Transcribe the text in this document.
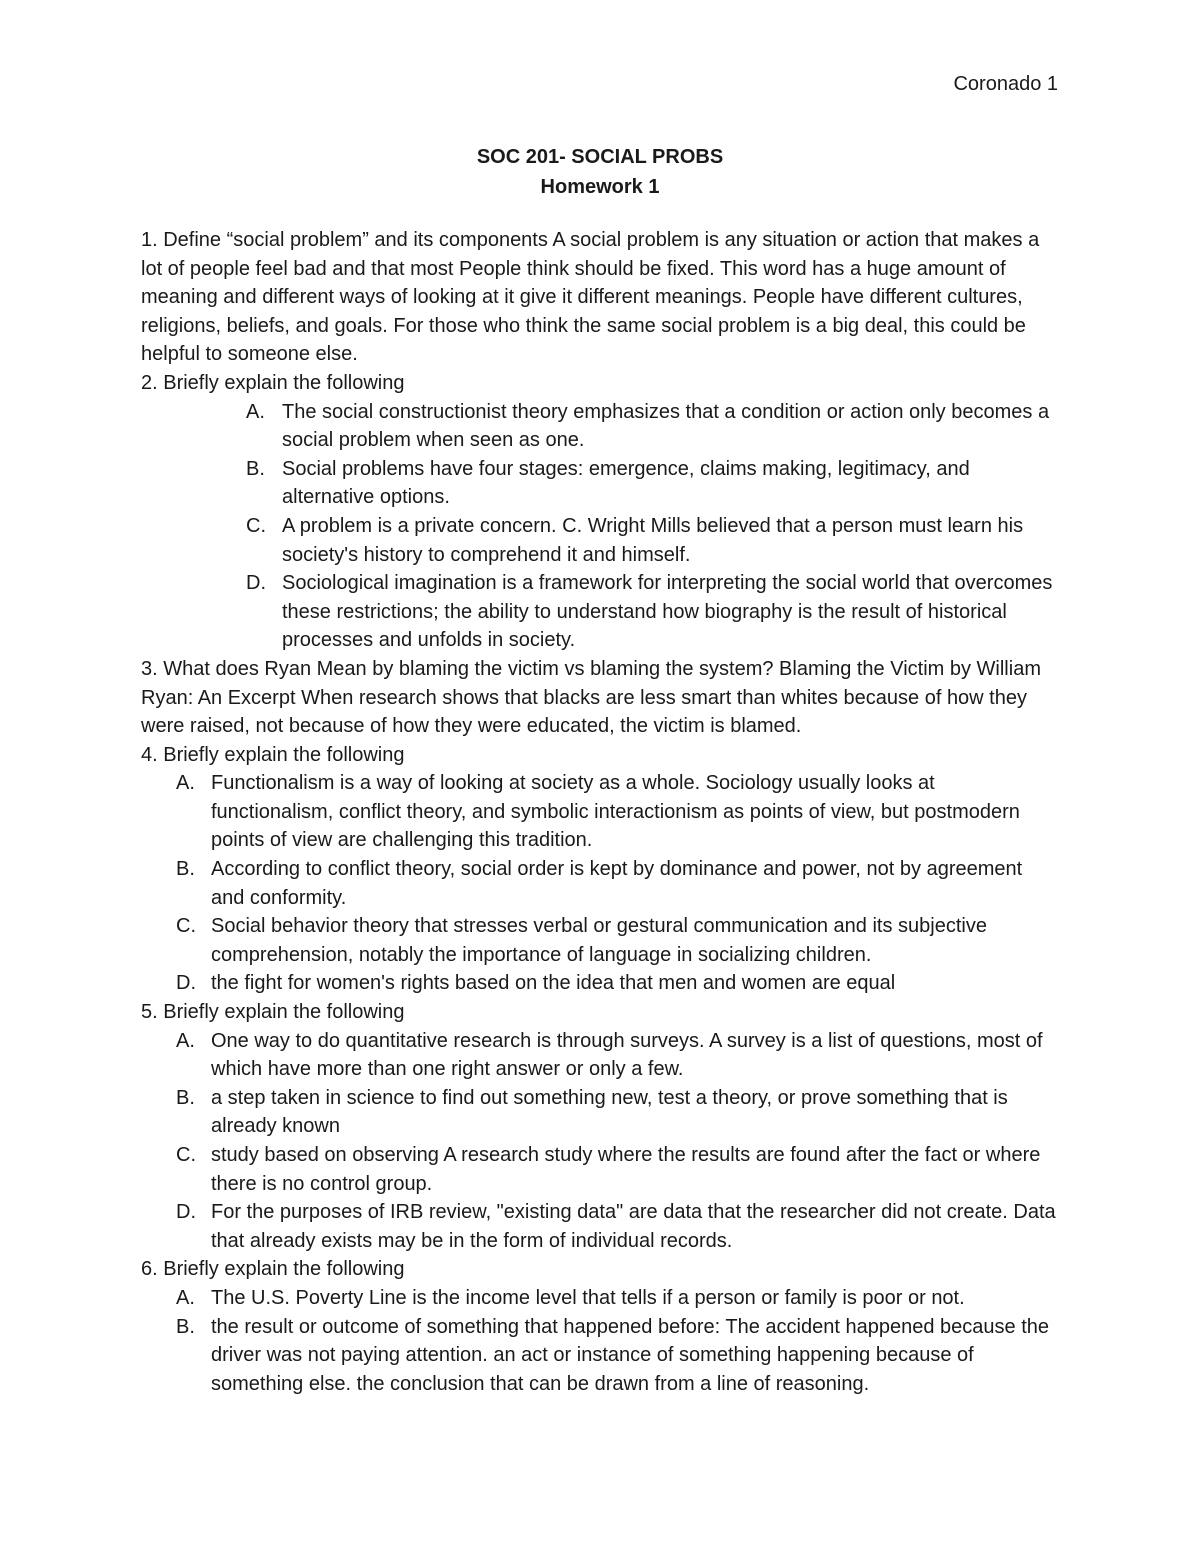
Coronado 1
SOC 201- SOCIAL PROBS
Homework 1

1. Define “social problem” and its components A social problem is any situation or action that makes a lot of people feel bad and that most People think should be fixed. This word has a huge amount of meaning and different ways of looking at it give it different meanings. People have different cultures, religions, beliefs, and goals. For those who think the same social problem is a big deal, this could be helpful to someone else.

2. Briefly explain the following

A. The social constructionist theory emphasizes that a condition or action only becomes a social problem when seen as one.
B. Social problems have four stages: emergence, claims making, legitimacy, and alternative options.
C. A problem is a private concern. C. Wright Mills believed that a person must learn his society's history to comprehend it and himself.
D. Sociological imagination is a framework for interpreting the social world that overcomes these restrictions; the ability to understand how biography is the result of historical processes and unfolds in society.

3. What does Ryan Mean by blaming the victim vs blaming the system? Blaming the Victim by William Ryan: An Excerpt When research shows that blacks are less smart than whites because of how they were raised, not because of how they were educated, the victim is blamed.

4. Briefly explain the following

A. Functionalism is a way of looking at society as a whole. Sociology usually looks at functionalism, conflict theory, and symbolic interactionism as points of view, but postmodern points of view are challenging this tradition.
B. According to conflict theory, social order is kept by dominance and power, not by agreement and conformity.
C. Social behavior theory that stresses verbal or gestural communication and its subjective comprehension, notably the importance of language in socializing children.
D. the fight for women's rights based on the idea that men and women are equal

5. Briefly explain the following

A. One way to do quantitative research is through surveys. A survey is a list of questions, most of which have more than one right answer or only a few.
B. a step taken in science to find out something new, test a theory, or prove something that is already known
C. study based on observing A research study where the results are found after the fact or where there is no control group.
D. For the purposes of IRB review, "existing data" are data that the researcher did not create. Data that already exists may be in the form of individual records.

6. Briefly explain the following

A. The U.S. Poverty Line is the income level that tells if a person or family is poor or not.
B. the result or outcome of something that happened before: The accident happened because the driver was not paying attention. an act or instance of something happening because of something else. the conclusion that can be drawn from a line of reasoning.
